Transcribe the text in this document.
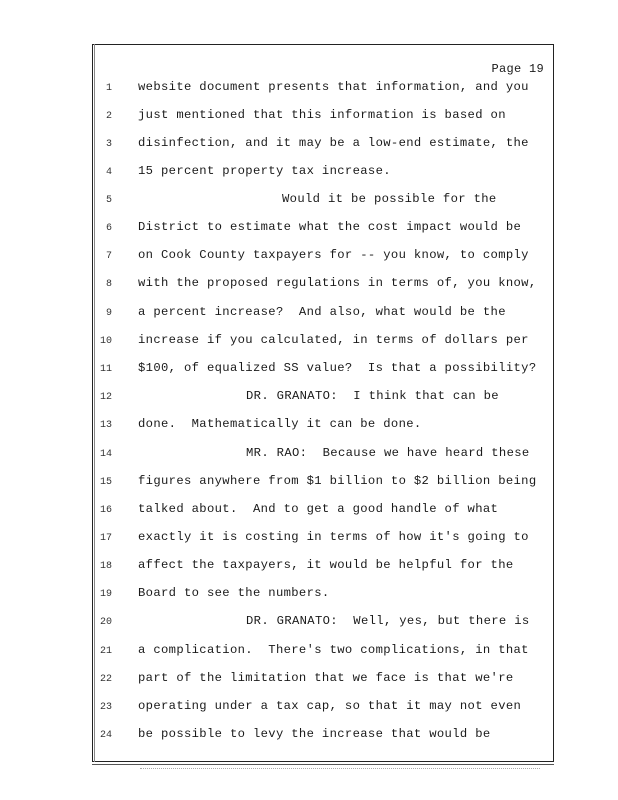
Page 19
1 website document presents that information, and you
2 just mentioned that this information is based on
3 disinfection, and it may be a low-end estimate, the
4 15 percent property tax increase.
5	Would it be possible for the
6 District to estimate what the cost impact would be
7 on Cook County taxpayers for -- you know, to comply
8 with the proposed regulations in terms of, you know,
9 a percent increase?  And also, what would be the
10 increase if you calculated, in terms of dollars per
11 $100, of equalized SS value?  Is that a possibility?
12	DR. GRANATO:  I think that can be
13 done.  Mathematically it can be done.
14	MR. RAO:  Because we have heard these
15 figures anywhere from $1 billion to $2 billion being
16 talked about.  And to get a good handle of what
17 exactly it is costing in terms of how it's going to
18 affect the taxpayers, it would be helpful for the
19 Board to see the numbers.
20	DR. GRANATO:  Well, yes, but there is
21 a complication.  There's two complications, in that
22 part of the limitation that we face is that we're
23 operating under a tax cap, so that it may not even
24 be possible to levy the increase that would be
